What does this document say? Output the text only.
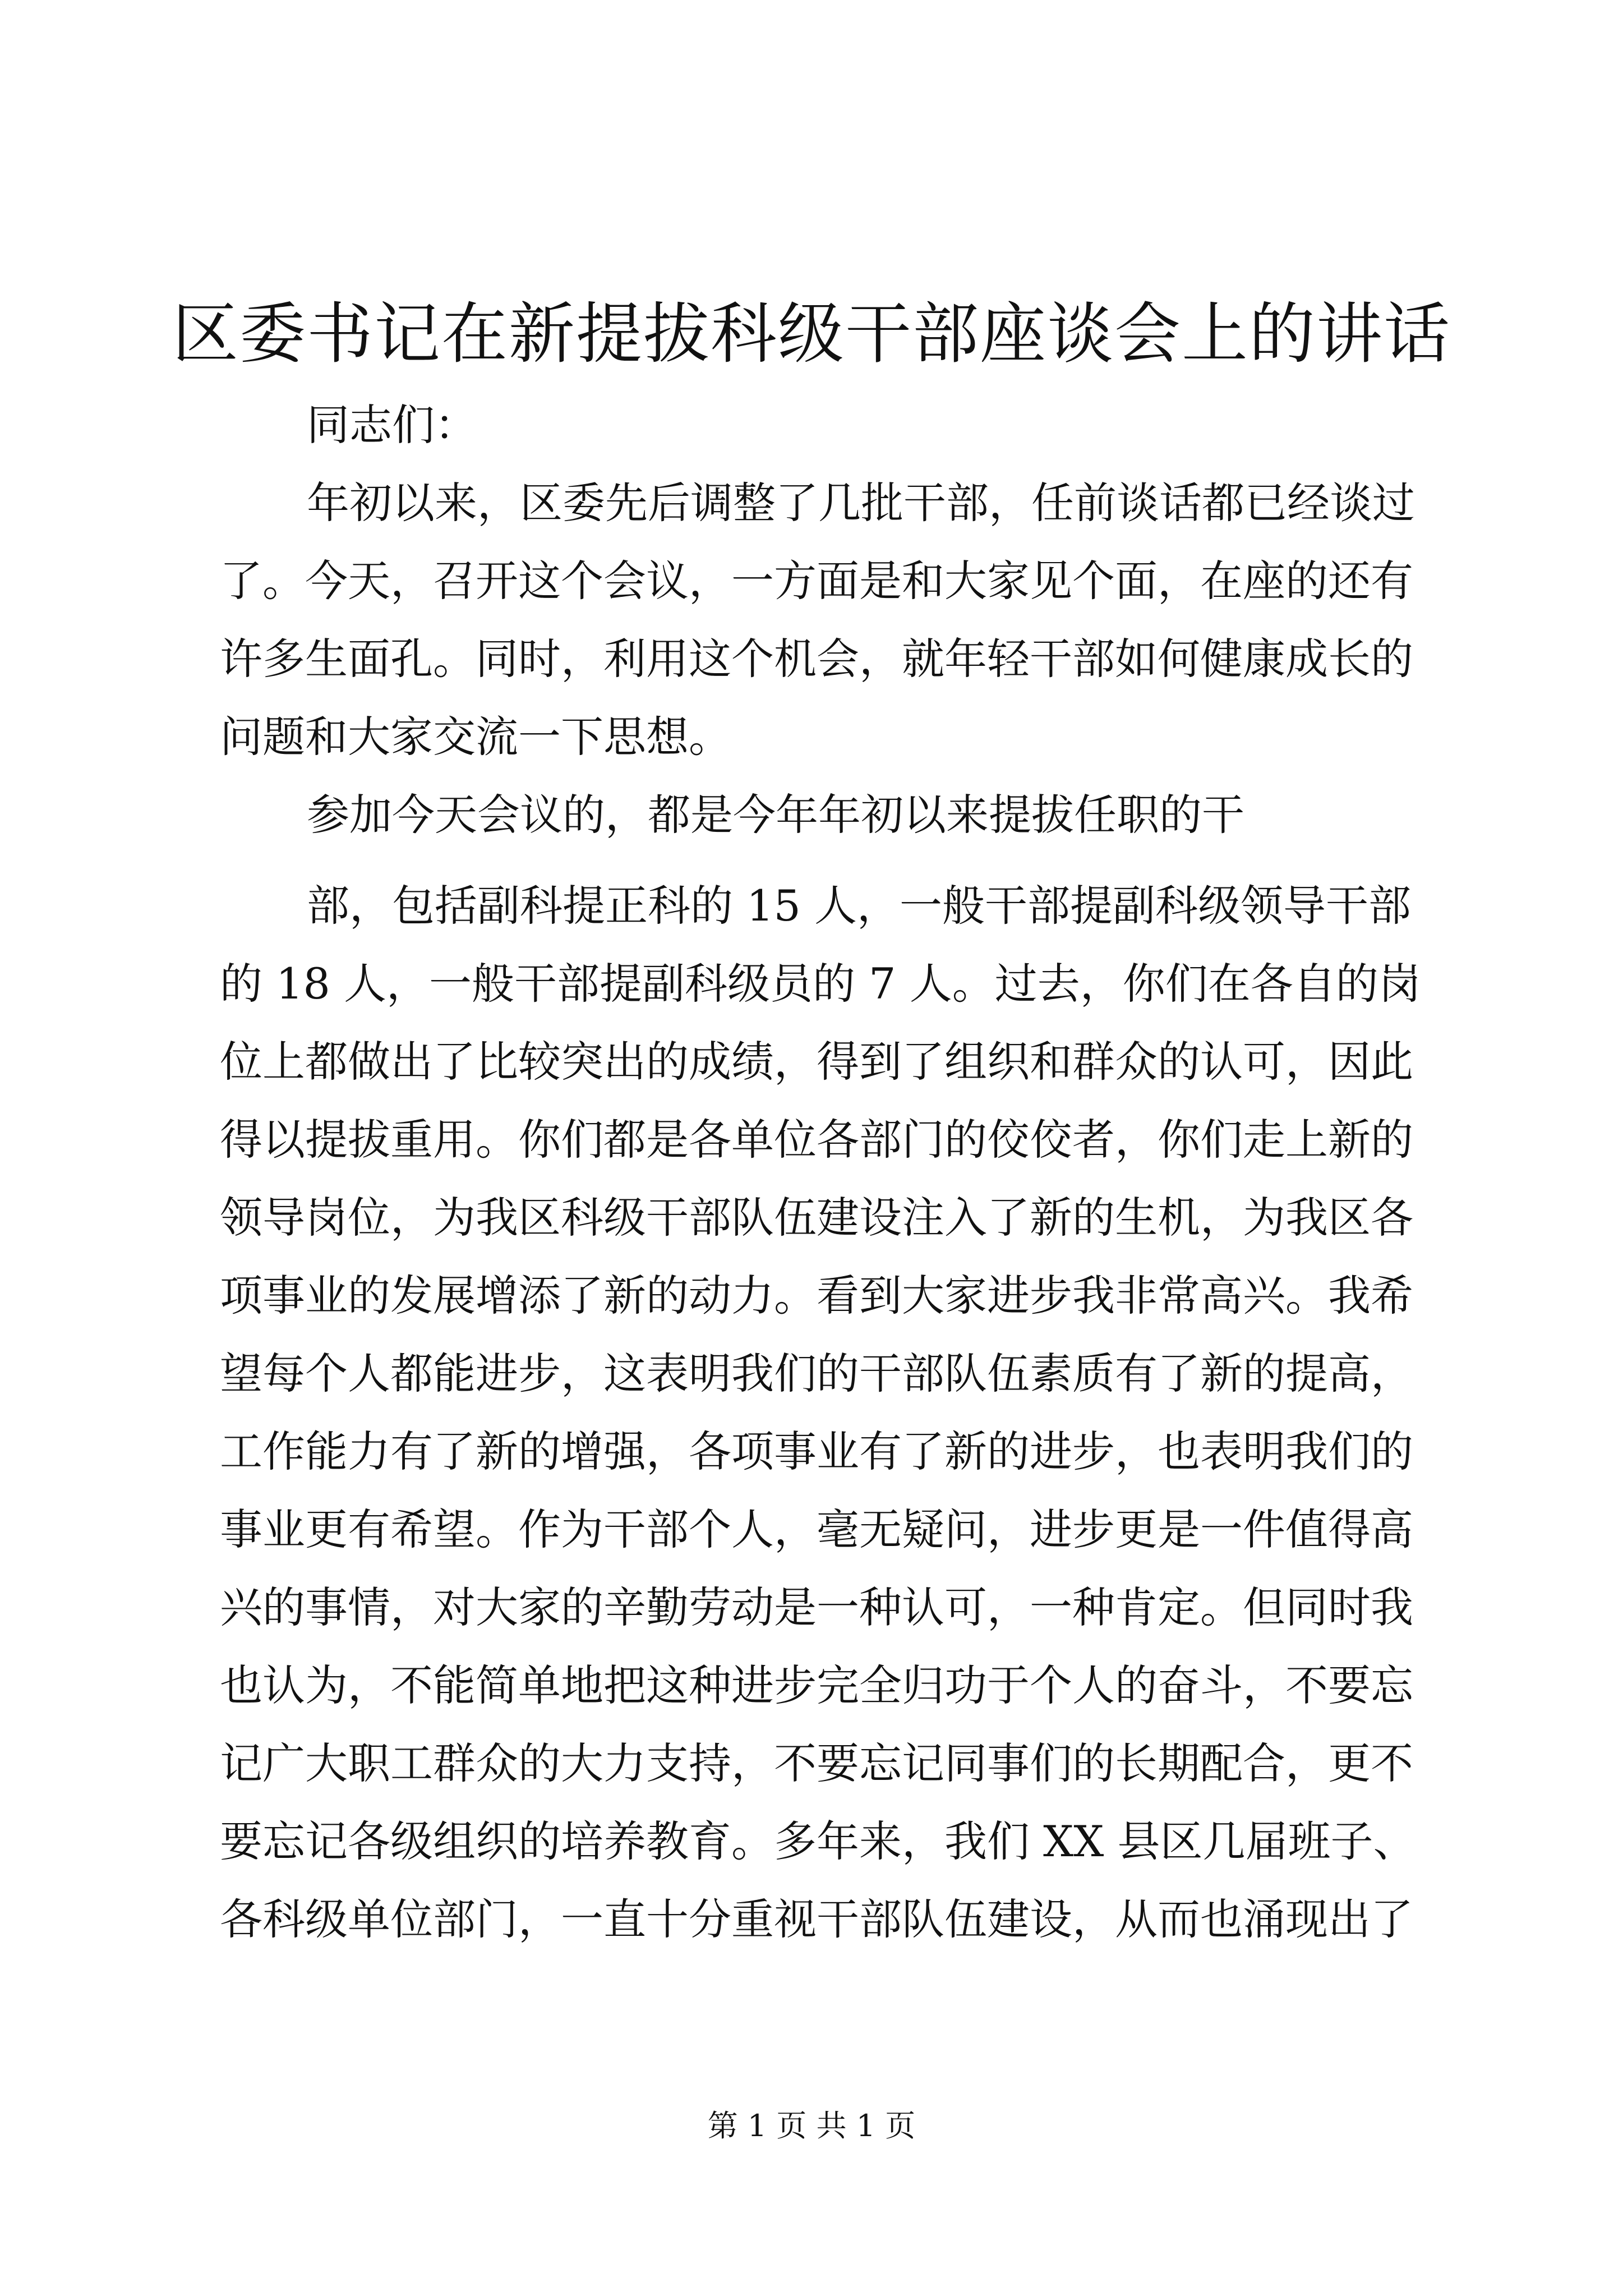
区委书记在新提拔科级干部座谈会上的讲话

同志们：

年初以来，区委先后调整了几批干部，任前谈话都已经谈过

了。今天，召开这个会议，一方面是和大家见个面，在座的还有

许多生面孔。同时，利用这个机会，就年轻干部如何健康成长的

问题和大家交流一下思想。

参加今天会议的，都是今年年初以来提拔任职的干

部，包括副科提正科的 15 人，一般干部提副科级领导干部

的 18 人，一般干部提副科级员的 7 人。过去，你们在各自的岗

位上都做出了比较突出的成绩，得到了组织和群众的认可，因此

得以提拔重用。你们都是各单位各部门的佼佼者，你们走上新的

领导岗位，为我区科级干部队伍建设注入了新的生机，为我区各

项事业的发展增添了新的动力。看到大家进步我非常高兴。我希

望每个人都能进步，这表明我们的干部队伍素质有了新的提高，

工作能力有了新的增强，各项事业有了新的进步，也表明我们的

事业更有希望。作为干部个人，毫无疑问，进步更是一件值得高

兴的事情，对大家的辛勤劳动是一种认可，一种肯定。但同时我

也认为，不能简单地把这种进步完全归功于个人的奋斗，不要忘

记广大职工群众的大力支持，不要忘记同事们的长期配合，更不

要忘记各级组织的培养教育。多年来，我们 XX 县区几届班子、

各科级单位部门，一直十分重视干部队伍建设，从而也涌现出了

第 1 页 共 1 页
